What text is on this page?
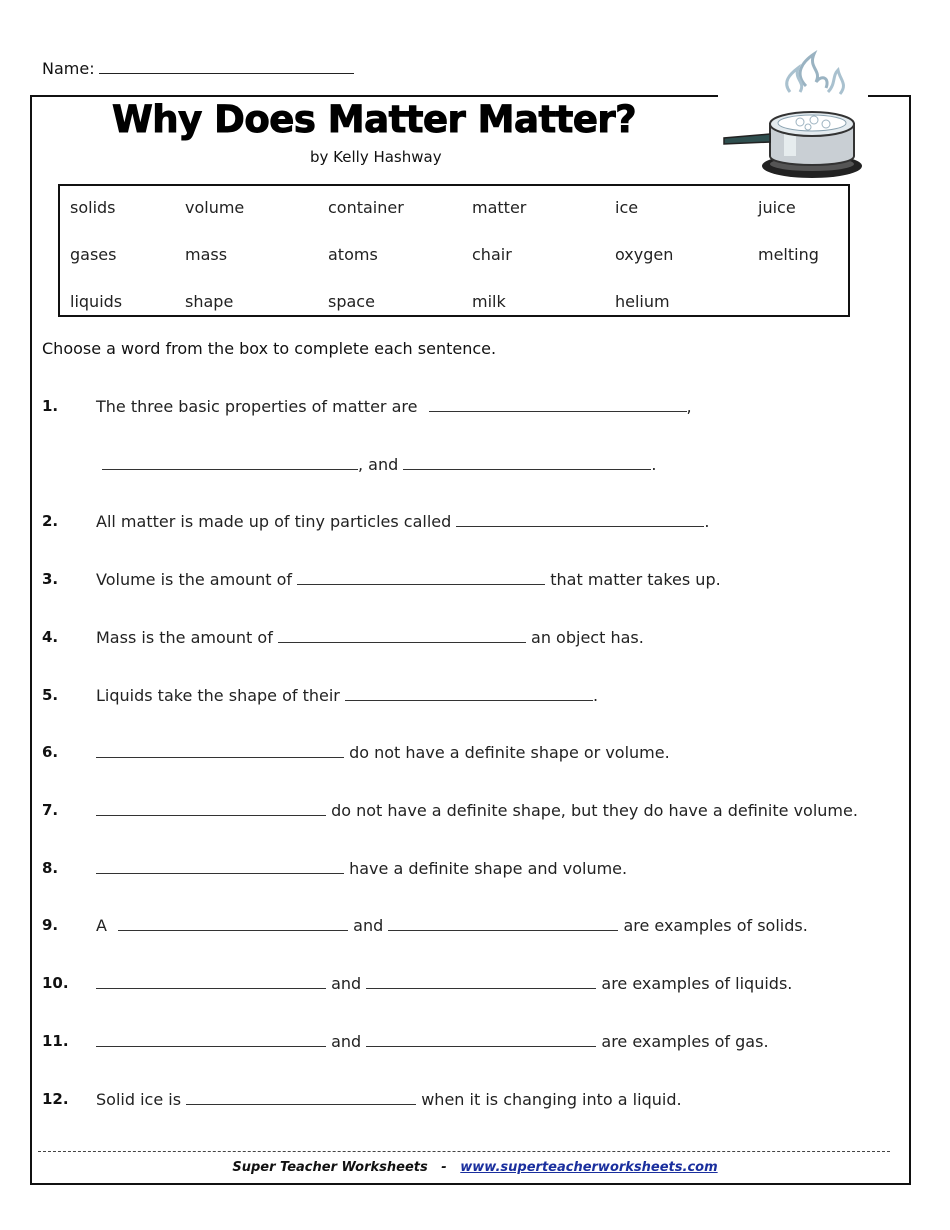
Name:
Why Does Matter Matter?
by Kelly Hashway
solids	volume	container	matter	ice	juice
gases	mass	atoms	chair	oxygen	melting
liquids	shape	space	milk	helium
Choose a word from the box to complete each sentence.
1. The three basic properties of matter are	,
, and	.
2. All matter is made up of tiny particles called	.
3. Volume is the amount of	that matter takes up.
4. Mass is the amount of	an object has.
5. Liquids take the shape of their	.
6.	do not have a definite shape or volume.
7.	do not have a definite shape, but they do have a definite volume.
8.	have a definite shape and volume.
9. A	and	are examples of solids.
10.	and	are examples of liquids.
11.	and	are examples of gas.
12. Solid ice is	when it is changing into a liquid.
Super Teacher Worksheets - www.superteacherworksheets.com
